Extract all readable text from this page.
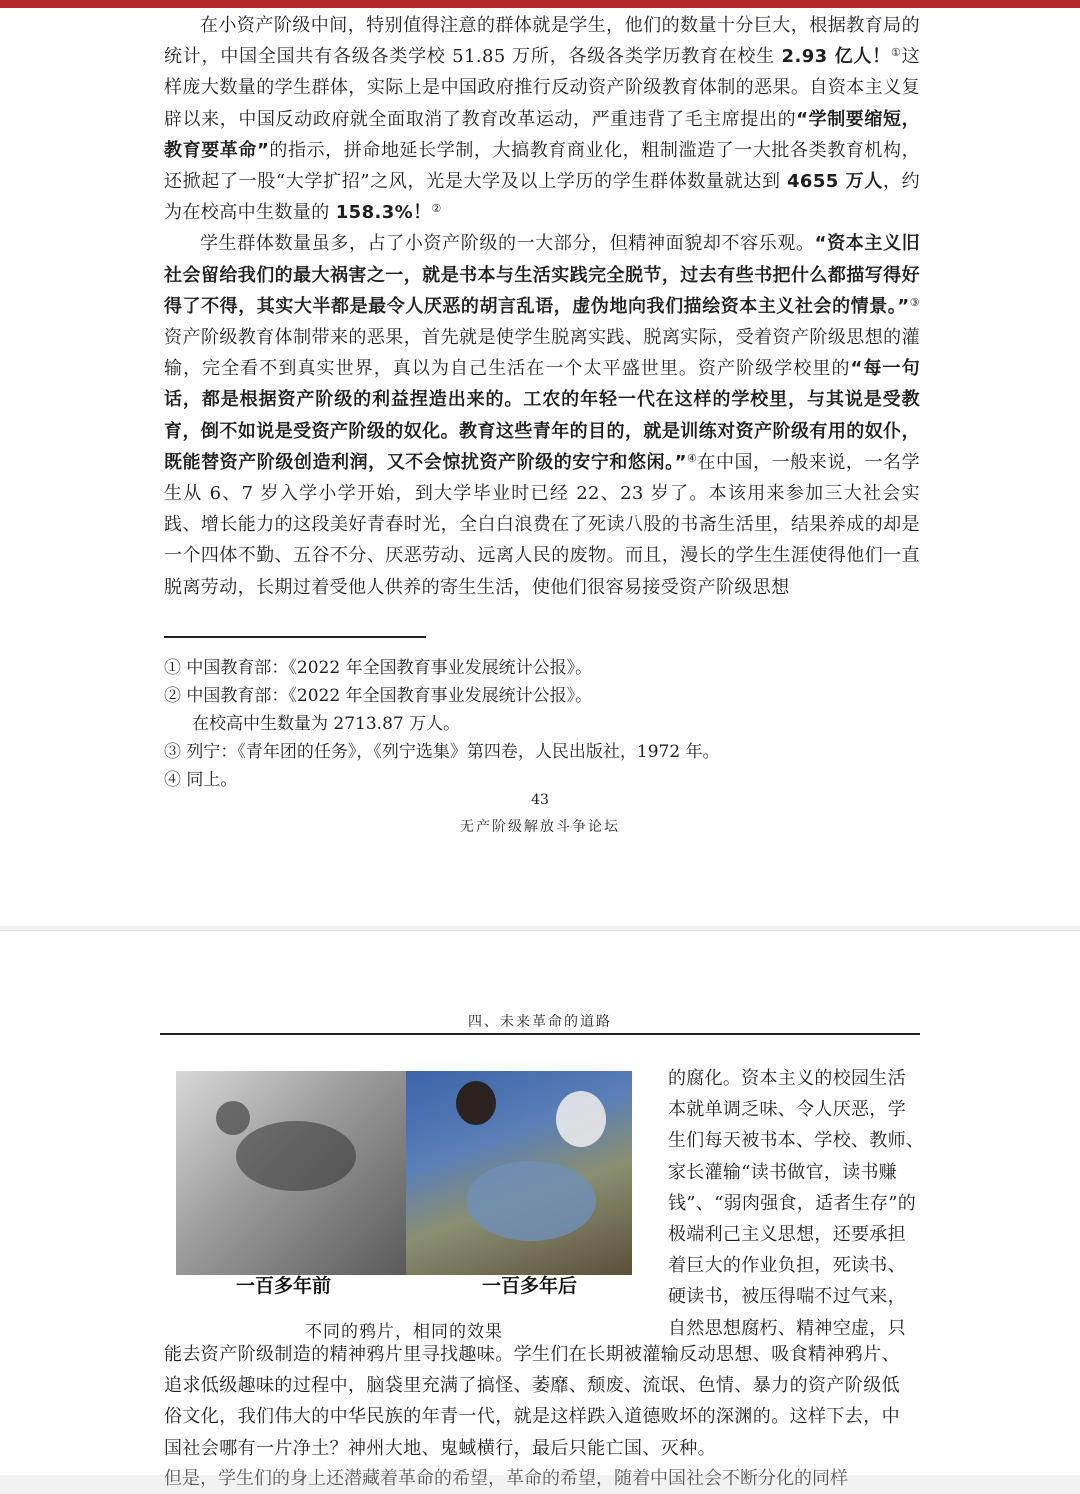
在小资产阶级中间，特别值得注意的群体就是学生，他们的数量十分巨大，根据教育局的统计，中国全国共有各级各类学校 51.85 万所，各级各类学历教育在校生 2.93 亿人！①这样庞大数量的学生群体，实际上是中国政府推行反动资产阶级教育体制的恶果。自资本主义复辟以来，中国反动政府就全面取消了教育改革运动，严重违背了毛主席提出的“学制要缩短，教育要革命”的指示，拼命地延长学制，大搞教育商业化，粗制滥造了一大批各类教育机构，还掀起了一股“大学扩招”之风，光是大学及以上学历的学生群体数量就达到 4655 万人，约为在校高中生数量的 158.3%！②

学生群体数量虽多，占了小资产阶级的一大部分，但精神面貌却不容乐观。“资本主义旧社会留给我们的最大祸害之一，就是书本与生活实践完全脱节，过去有些书把什么都描写得好得了不得，其实大半都是最令人厌恶的胡言乱语，虚伪地向我们描绘资本主义社会的情景。”③资产阶级教育体制带来的恶果，首先就是使学生脱离实践、脱离实际，受着资产阶级思想的灌输，完全看不到真实世界，真以为自己生活在一个太平盛世里。资产阶级学校里的“每一句话，都是根据资产阶级的利益捏造出来的。工农的年轻一代在这样的学校里，与其说是受教育，倒不如说是受资产阶级的奴化。教育这些青年的目的，就是训练对资产阶级有用的奴仆，既能替资产阶级创造利润，又不会惊扰资产阶级的安宁和悠闲。”④在中国，一般来说，一名学生从 6、7 岁入学小学开始，到大学毕业时已经 22、23 岁了。本该用来参加三大社会实践、增长能力的这段美好青春时光，全白白浪费在了死读八股的书斋生活里，结果养成的却是一个四体不勤、五谷不分、厌恶劳动、远离人民的废物。而且，漫长的学生生涯使得他们一直脱离劳动，长期过着受他人供养的寄生生活，使他们很容易接受资产阶级思想

① 中国教育部：《2022 年全国教育事业发展统计公报》。

② 中国教育部：《2022 年全国教育事业发展统计公报》。

在校高中生数量为 2713.87 万人。

③ 列宁：《青年团的任务》，《列宁选集》第四卷，人民出版社，1972 年。

④ 同上。

43
无产阶级解放斗争论坛
四、未来革命的道路
一百多年前	一百多年后
不同的鸦片，相同的效果
的腐化。资本主义的校园生活
本就单调乏味、令人厌恶，学
生们每天被书本、学校、教师、
家长灌输“读书做官，读书赚
钱”、“弱肉强食，适者生存”的
极端利己主义思想，还要承担
着巨大的作业负担，死读书、
硬读书，被压得喘不过气来，
自然思想腐朽、精神空虚，只
能去资产阶级制造的精神鸦片里寻找趣味。学生们在长期被灌输反动思想、吸食精神鸦片、
追求低级趣味的过程中，脑袋里充满了搞怪、萎靡、颓废、流氓、色情、暴力的资产阶级低
俗文化，我们伟大的中华民族的年青一代，就是这样跌入道德败坏的深渊的。这样下去，中
国社会哪有一片净土？神州大地、鬼蜮横行，最后只能亡国、灭种。
但是，学生们的身上还潜藏着革命的希望，革命的希望，随着中国社会不断分化的同样
